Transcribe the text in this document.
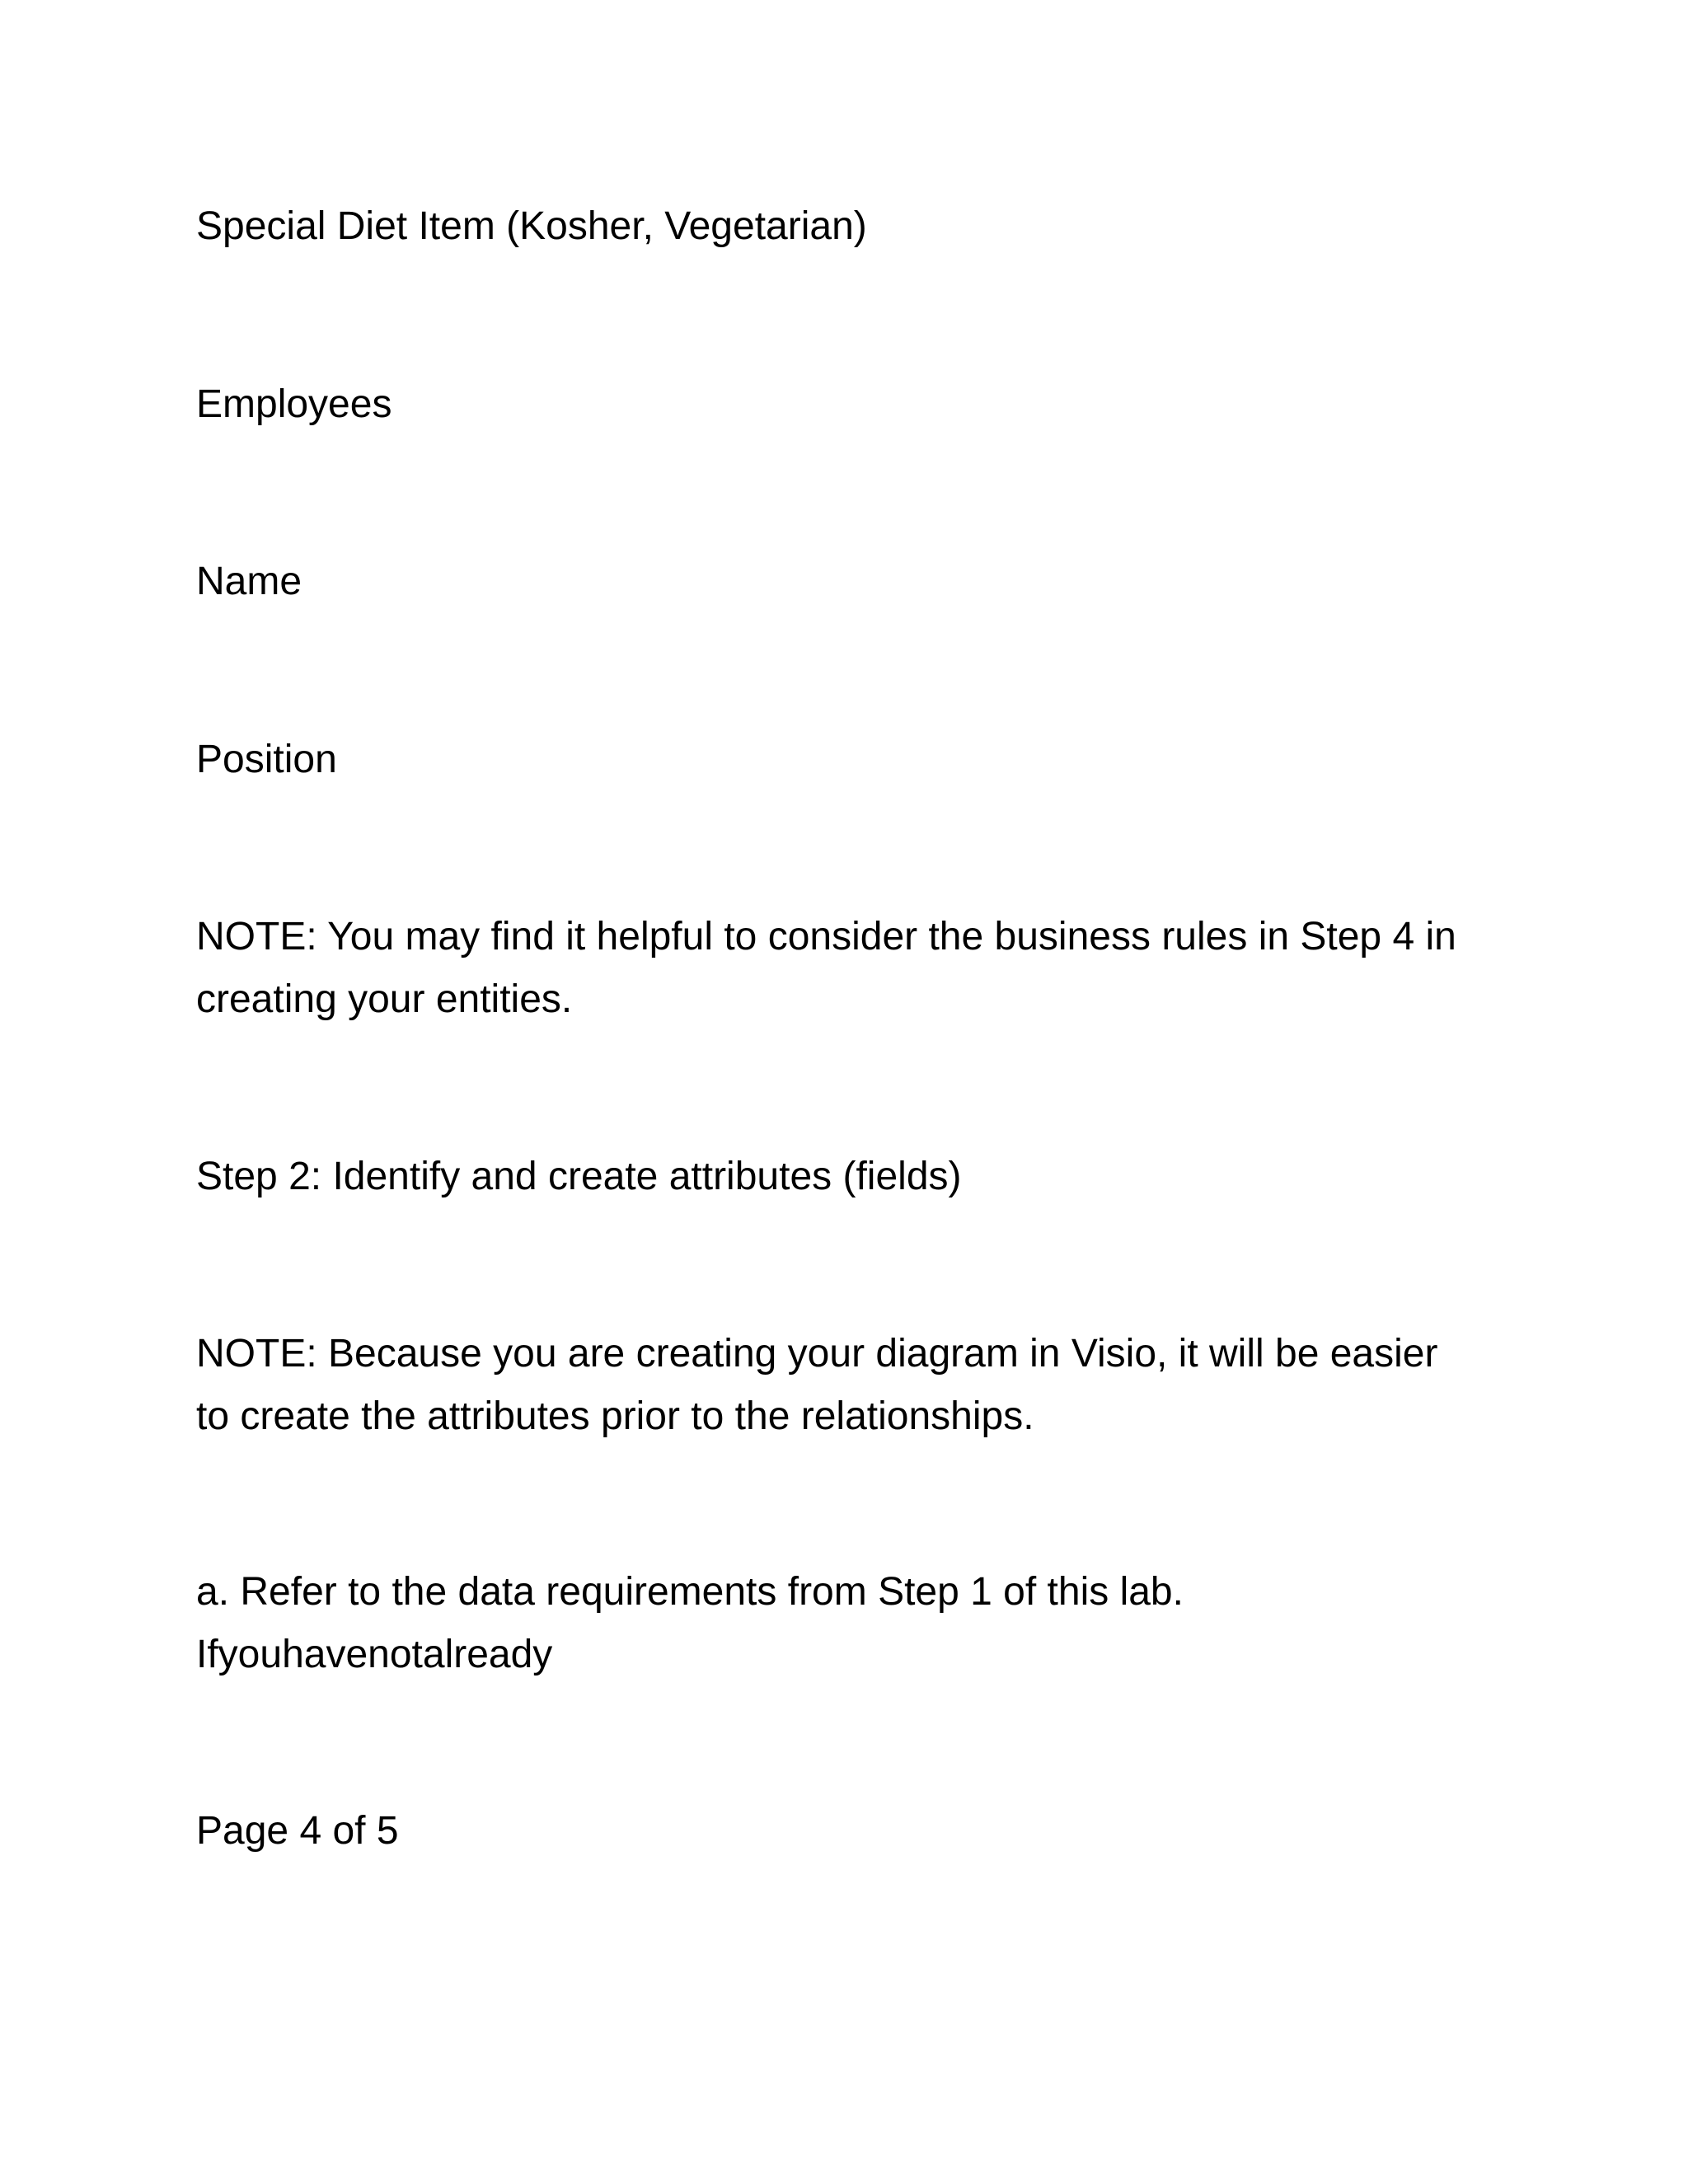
Special Diet Item (Kosher, Vegetarian)

Employees

Name

Position

NOTE: You may find it helpful to consider the business rules in Step 4 in
creating your entities.

Step 2: Identify and create attributes (fields)

NOTE: Because you are creating your diagram in Visio, it will be easier
to create the attributes prior to the relationships.

a. Refer to the data requirements from Step 1 of this lab.
Ifyouhavenotalready

Page 4 of 5
